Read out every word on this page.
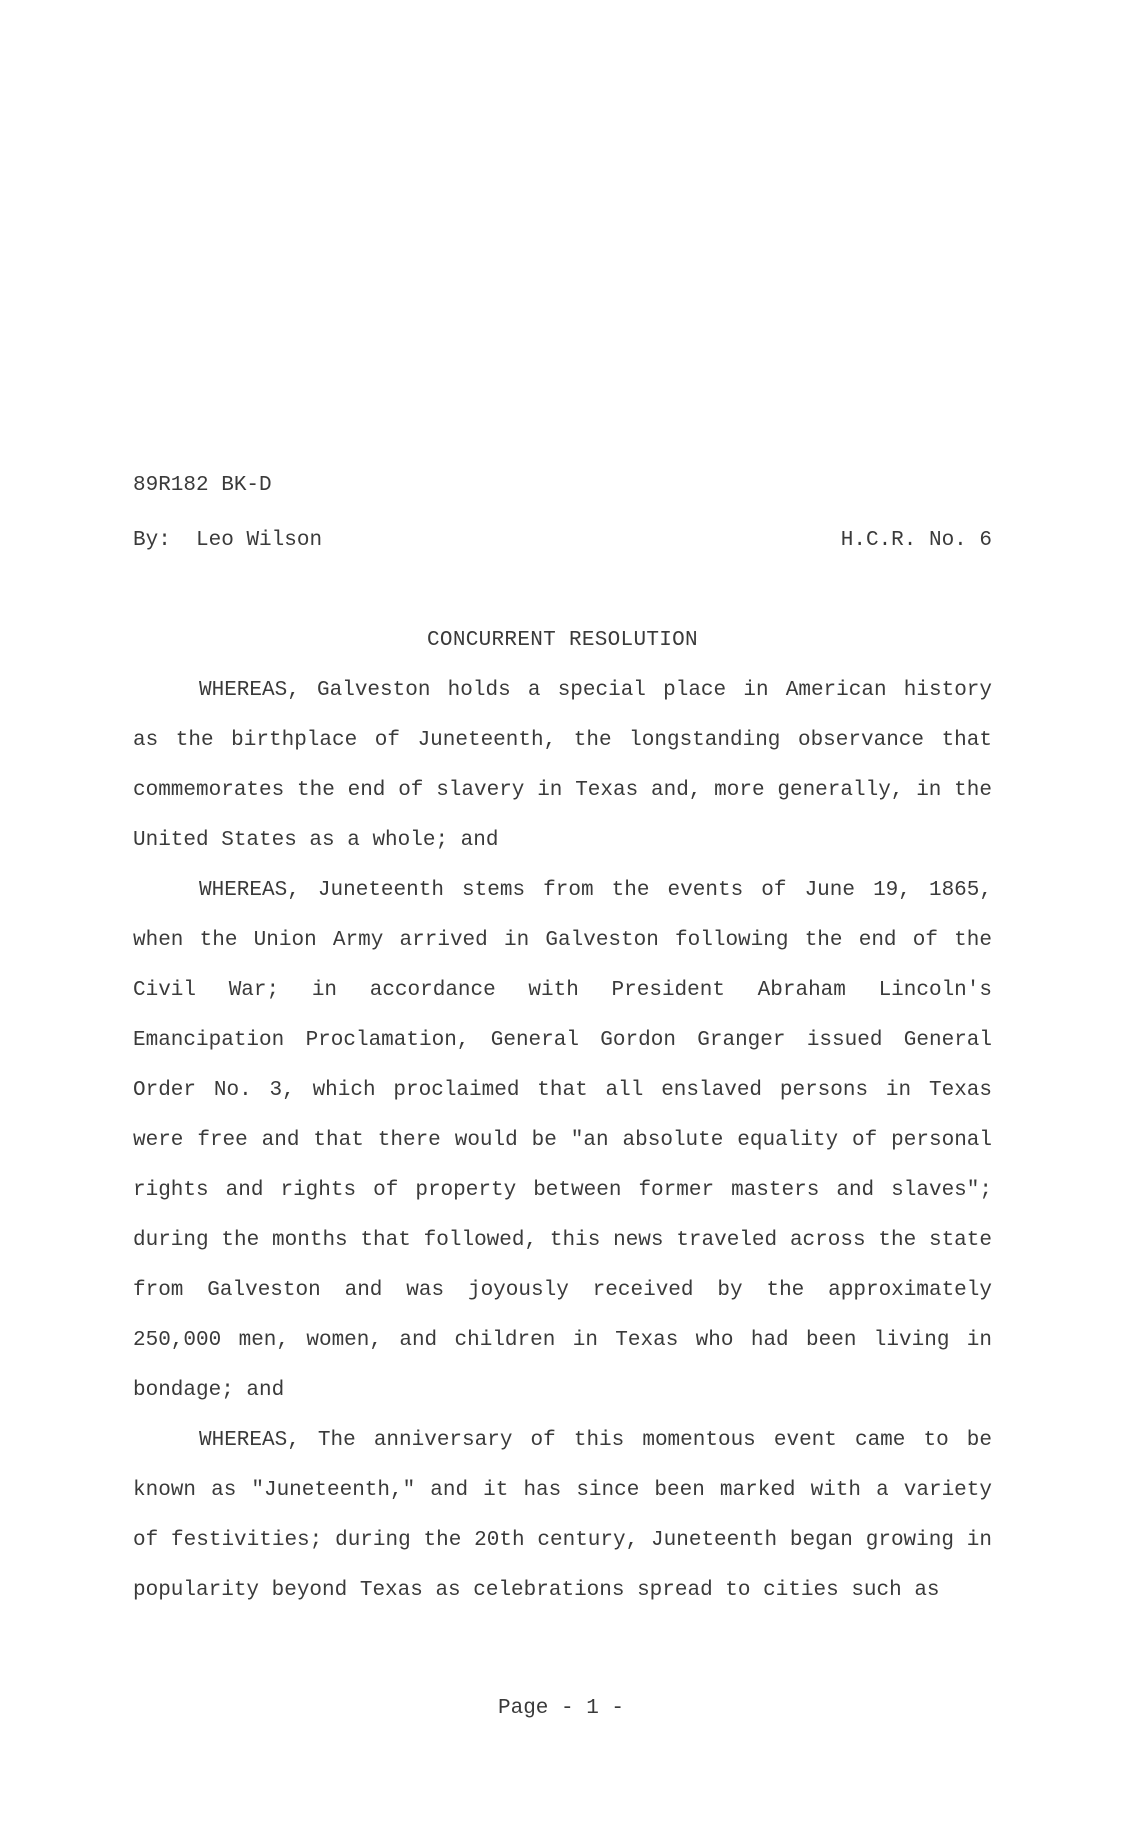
89R182 BK-D
By: Leo Wilson	H.C.R. No. 6
CONCURRENT RESOLUTION

WHEREAS, Galveston holds a special place in American history as the birthplace of Juneteenth, the longstanding observance that commemorates the end of slavery in Texas and, more generally, in the United States as a whole; and

WHEREAS, Juneteenth stems from the events of June 19, 1865, when the Union Army arrived in Galveston following the end of the Civil War; in accordance with President Abraham Lincoln's Emancipation Proclamation, General Gordon Granger issued General Order No. 3, which proclaimed that all enslaved persons in Texas were free and that there would be "an absolute equality of personal rights and rights of property between former masters and slaves"; during the months that followed, this news traveled across the state from Galveston and was joyously received by the approximately 250,000 men, women, and children in Texas who had been living in bondage; and

WHEREAS, The anniversary of this momentous event came to be known as "Juneteenth," and it has since been marked with a variety of festivities; during the 20th century, Juneteenth began growing in popularity beyond Texas as celebrations spread to cities such as

Page - 1 -
